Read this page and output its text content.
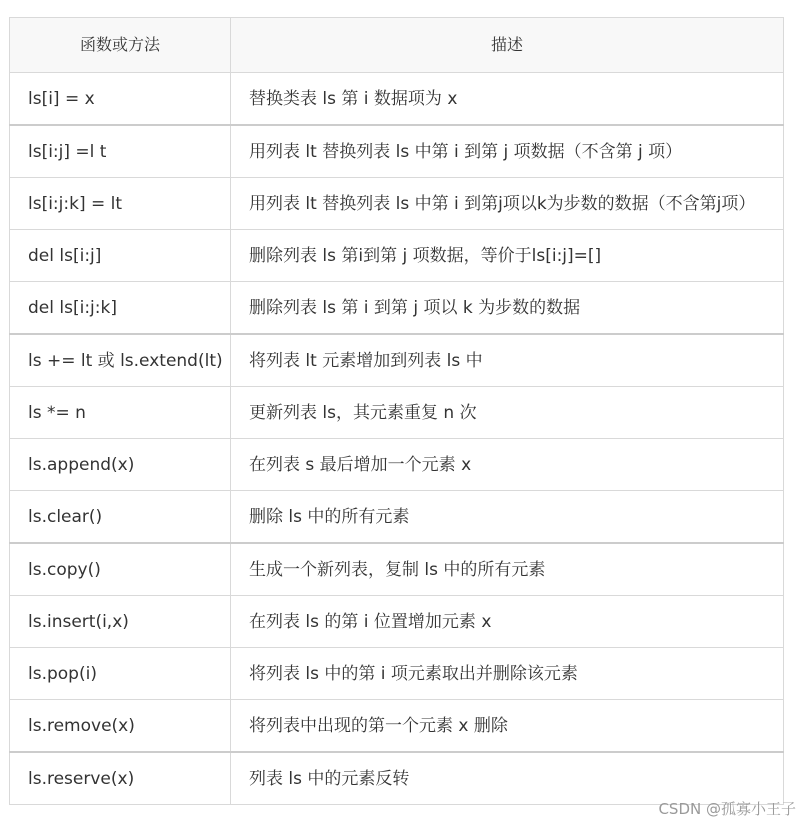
函数或方法	描述
ls[i] = x	替换类表 ls 第 i 数据项为 x
ls[i:j] =l t	用列表 lt 替换列表 ls 中第 i 到第 j 项数据（不含第 j 项）
ls[i:j:k] = lt	用列表 lt 替换列表 ls 中第 i 到第j项以k为步数的数据（不含第j项）
del ls[i:j]	删除列表 ls 第i到第 j 项数据，等价于ls[i:j]=[]
del ls[i:j:k]	删除列表 ls 第 i 到第 j 项以 k 为步数的数据
ls += lt 或 ls.extend(lt)	将列表 lt 元素增加到列表 ls 中
ls *= n	更新列表 ls，其元素重复 n 次
ls.append(x)	在列表 s 最后增加一个元素 x
ls.clear()	删除 ls 中的所有元素
ls.copy()	生成一个新列表，复制 ls 中的所有元素
ls.insert(i,x)	在列表 ls 的第 i 位置增加元素 x
ls.pop(i)	将列表 ls 中的第 i 项元素取出并删除该元素
ls.remove(x)	将列表中出现的第一个元素 x 删除
ls.reserve(x)	列表 ls 中的元素反转
CSDN @孤寡小王子
